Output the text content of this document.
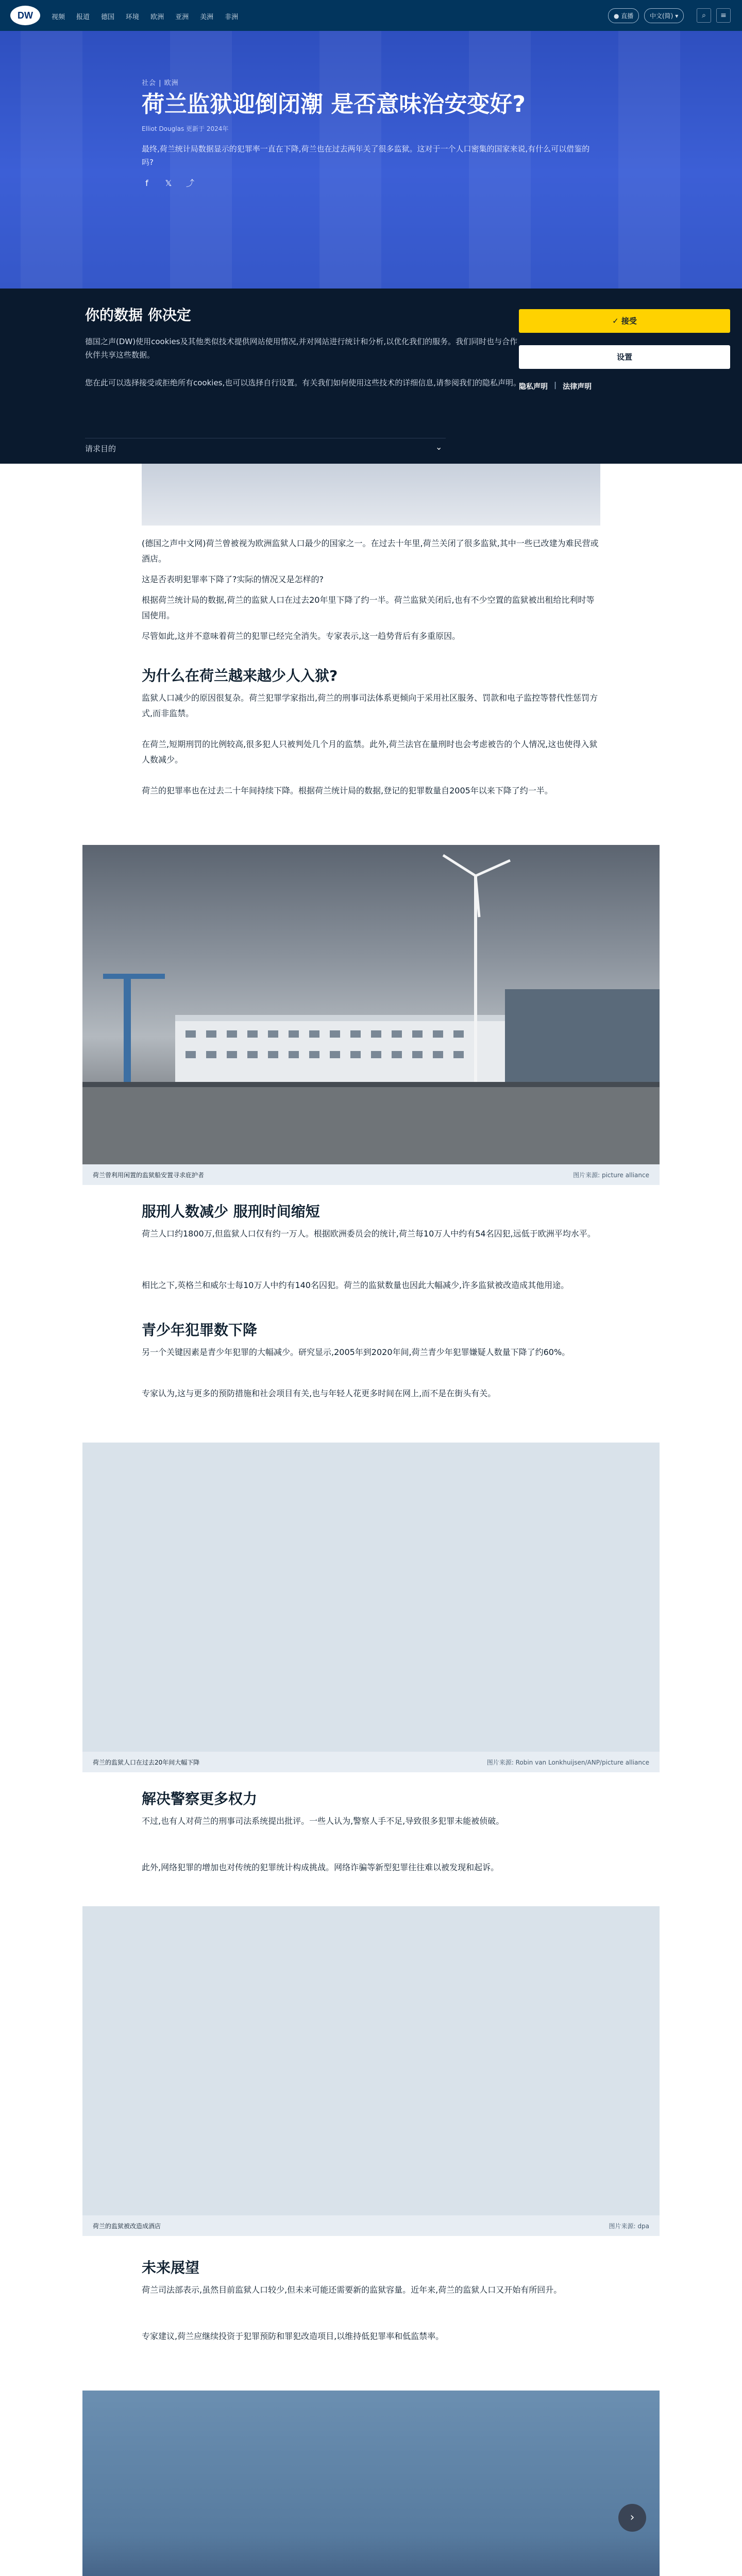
DW	视频 报道 德国 环境 欧洲 亚洲 美洲 非洲	● 直播	中文(简) ▾	⌕	≡
社会 | 欧洲
荷兰监狱迎倒闭潮 是否意味治安变好?
Elliot Douglas 更新于 2024年
最终,荷兰统计局数据显示的犯罪率一直在下降,荷兰也在过去两年关了很多监狱。这对于一个人口密集的国家来说,有什么可以借鉴的吗?
f	𝕏 ⤴
你的数据 你决定
德国之声(DW)使用cookies及其他类似技术提供网站使用情况,并对网站进行统计和分析,以优化我们的服务。我们同时也与合作伙伴共享这些数据。
您在此可以选择接受或拒绝所有cookies,也可以选择自行设置。有关我们如何使用这些技术的详细信息,请参阅我们的隐私声明。
✓ 接受
设置
隐私声明 | 法律声明
请求目的	⌄
(德国之声中文网)荷兰曾被视为欧洲监狱人口最少的国家之一。在过去十年里,荷兰关闭了很多监狱,其中一些已改建为难民营或酒店。
这是否表明犯罪率下降了?实际的情况又是怎样的?
根据荷兰统计局的数据,荷兰的监狱人口在过去20年里下降了约一半。荷兰监狱关闭后,也有不少空置的监狱被出租给比利时等国使用。
尽管如此,这并不意味着荷兰的犯罪已经完全消失。专家表示,这一趋势背后有多重原因。
为什么在荷兰越来越少人入狱?
监狱人口减少的原因很复杂。荷兰犯罪学家指出,荷兰的刑事司法体系更倾向于采用社区服务、罚款和电子监控等替代性惩罚方式,而非监禁。
在荷兰,短期刑罚的比例较高,很多犯人只被判处几个月的监禁。此外,荷兰法官在量刑时也会考虑被告的个人情况,这也使得入狱人数减少。
荷兰的犯罪率也在过去二十年间持续下降。根据荷兰统计局的数据,登记的犯罪数量自2005年以来下降了约一半。
荷兰曾利用闲置的监狱船安置寻求庇护者	图片来源: picture alliance
服刑人数减少 服刑时间缩短
荷兰人口约1800万,但监狱人口仅有约一万人。根据欧洲委员会的统计,荷兰每10万人中约有54名囚犯,远低于欧洲平均水平。
相比之下,英格兰和威尔士每10万人中约有140名囚犯。荷兰的监狱数量也因此大幅减少,许多监狱被改造成其他用途。
青少年犯罪数下降
另一个关键因素是青少年犯罪的大幅减少。研究显示,2005年到2020年间,荷兰青少年犯罪嫌疑人数量下降了约60%。
专家认为,这与更多的预防措施和社会项目有关,也与年轻人花更多时间在网上,而不是在街头有关。
荷兰的监狱人口在过去20年间大幅下降	图片来源: Robin van Lonkhuijsen/ANP/picture alliance
解决警察更多权力
不过,也有人对荷兰的刑事司法系统提出批评。一些人认为,警察人手不足,导致很多犯罪未能被侦破。
此外,网络犯罪的增加也对传统的犯罪统计构成挑战。网络诈骗等新型犯罪往往难以被发现和起诉。
荷兰的监狱被改造成酒店	图片来源: dpa
未来展望
荷兰司法部表示,虽然目前监狱人口较少,但未来可能还需要新的监狱容量。近年来,荷兰的监狱人口又开始有所回升。
专家建议,荷兰应继续投资于犯罪预防和罪犯改造项目,以维持低犯罪率和低监禁率。
›
